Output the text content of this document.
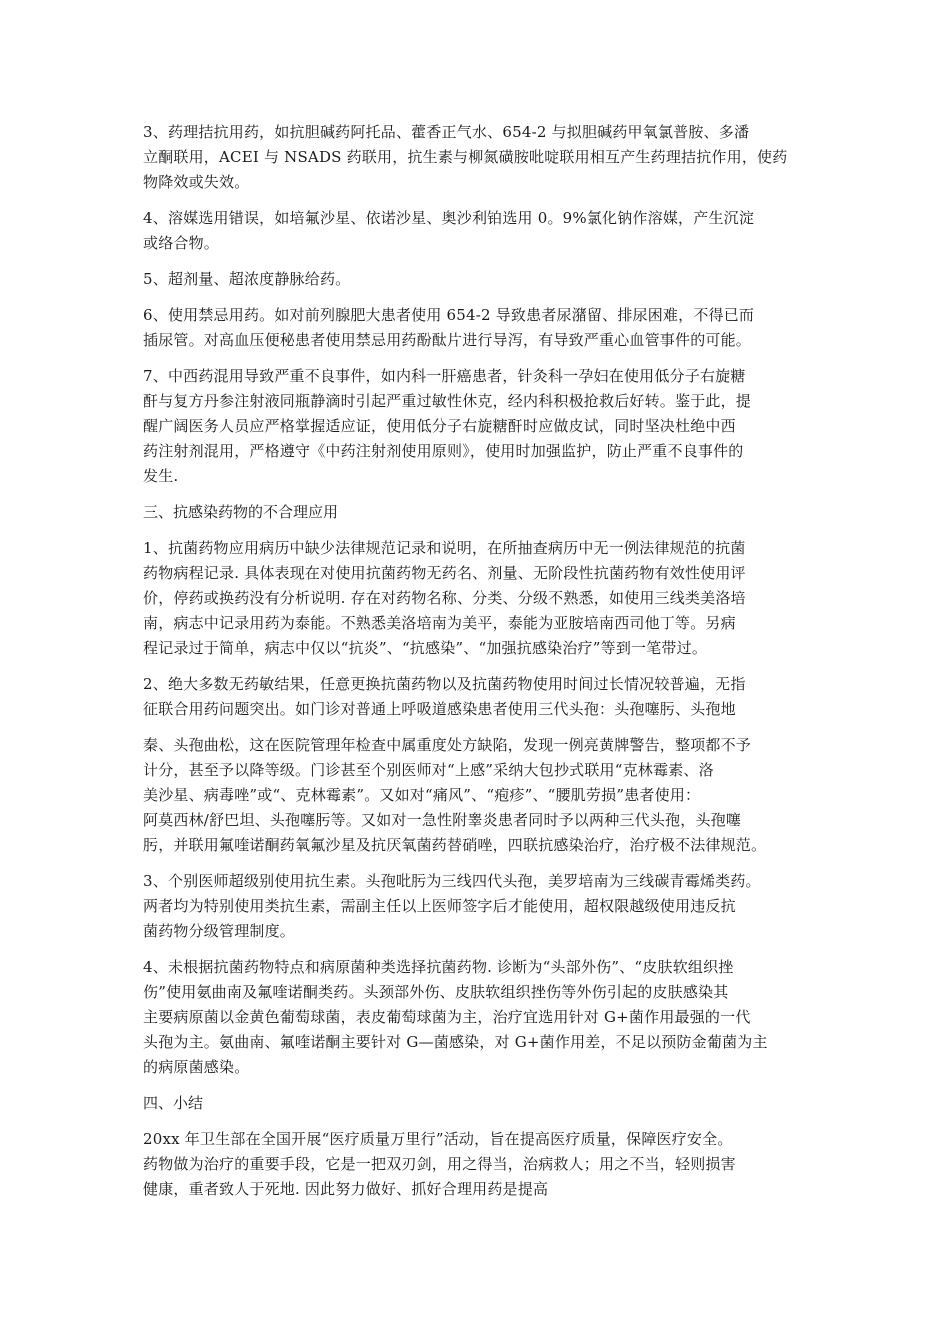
3、药理拮抗用药，如抗胆碱药阿托品、藿香正气水、654-2 与拟胆碱药甲氧氯普胺、多潘
立酮联用，ACEI 与 NSADS 药联用，抗生素与柳氮磺胺吡啶联用相互产生药理拮抗作用，使药
物降效或失效。

4、溶媒选用错误，如培氟沙星、依诺沙星、奥沙利铂选用 0。9%氯化钠作溶媒，产生沉淀
或络合物。

5、超剂量、超浓度静脉给药。

6、使用禁忌用药。如对前列腺肥大患者使用 654-2 导致患者尿潴留、排尿困难，不得已而
插尿管。对高血压便秘患者使用禁忌用药酚酞片进行导泻，有导致严重心血管事件的可能。

7、中西药混用导致严重不良事件，如内科一肝癌患者，针灸科一孕妇在使用低分子右旋糖
酐与复方丹参注射液同瓶静滴时引起严重过敏性休克，经内科积极抢救后好转。鉴于此，提
醒广阔医务人员应严格掌握适应证，使用低分子右旋糖酐时应做皮试，同时坚决杜绝中西
药注射剂混用，严格遵守《中药注射剂使用原则》，使用时加强监护，防止严重不良事件的
发生.

三、抗感染药物的不合理应用

1、抗菌药物应用病历中缺少法律规范记录和说明，在所抽查病历中无一例法律规范的抗菌
药物病程记录. 具体表现在对使用抗菌药物无药名、剂量、无阶段性抗菌药物有效性使用评
价，停药或换药没有分析说明. 存在对药物名称、分类、分级不熟悉，如使用三线类美洛培
南，病志中记录用药为泰能。不熟悉美洛培南为美平，泰能为亚胺培南西司他丁等。另病
程记录过于简单，病志中仅以“抗炎”、“抗感染”、“加强抗感染治疗”等到一笔带过。

2、绝大多数无药敏结果，任意更换抗菌药物以及抗菌药物使用时间过长情况较普遍，无指
征联合用药问题突出。如门诊对普通上呼吸道感染患者使用三代头孢：头孢噻肟、头孢地

秦、头孢曲松，这在医院管理年检查中属重度处方缺陷，发现一例亮黄牌警告，整项都不予
计分，甚至予以降等级。门诊甚至个别医师对“上感”采纳大包抄式联用“克林霉素、洛
美沙星、病毒唑”或“、克林霉素”。又如对“痛风”、“疱疹”、“腰肌劳损”患者使用：
阿莫西林/舒巴坦、头孢噻肟等。又如对一急性附睾炎患者同时予以两种三代头孢，头孢噻
肟，并联用氟喹诺酮药氧氟沙星及抗厌氧菌药替硝唑，四联抗感染治疗，治疗极不法律规范。

3、个别医师超级别使用抗生素。头孢吡肟为三线四代头孢，美罗培南为三线碳青霉烯类药。
两者均为特别使用类抗生素，需副主任以上医师签字后才能使用，超权限越级使用违反抗
菌药物分级管理制度。

4、未根据抗菌药物特点和病原菌种类选择抗菌药物. 诊断为“头部外伤”、“皮肤软组织挫
伤”使用氨曲南及氟喹诺酮类药。头颈部外伤、皮肤软组织挫伤等外伤引起的皮肤感染其
主要病原菌以金黄色葡萄球菌，表皮葡萄球菌为主，治疗宜选用针对 G+菌作用最强的一代
头孢为主。氨曲南、氟喹诺酮主要针对 G—菌感染，对 G+菌作用差，不足以预防金葡菌为主
的病原菌感染。

四、小结

20xx 年卫生部在全国开展“医疗质量万里行”活动，旨在提高医疗质量，保障医疗安全。
药物做为治疗的重要手段，它是一把双刃剑，用之得当，治病救人；用之不当，轻则损害
健康，重者致人于死地. 因此努力做好、抓好合理用药是提高
